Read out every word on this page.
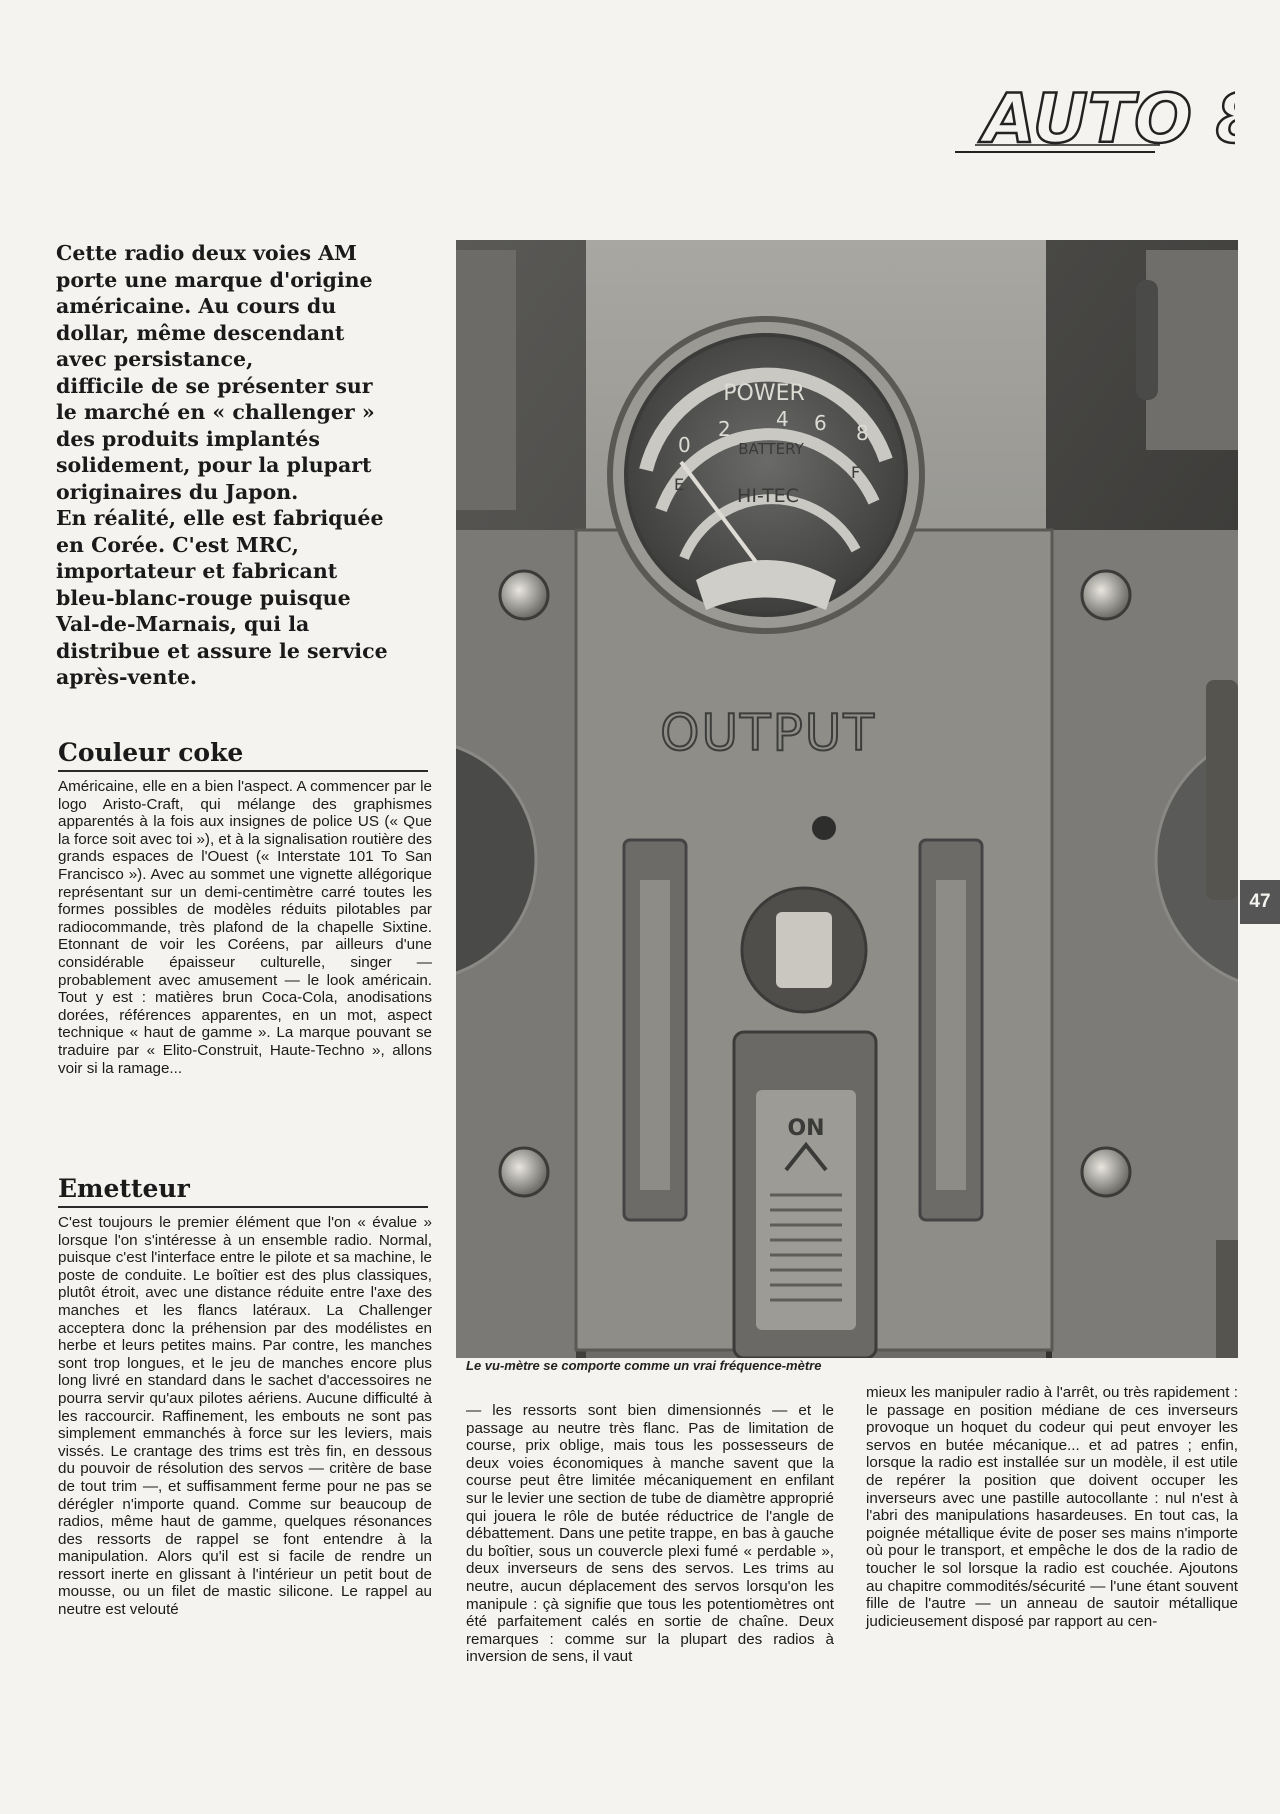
AUTO 8

Cette radio deux voies AM

porte une marque d'origine

américaine. Au cours du

dollar, même descendant

avec persistance,

difficile de se présenter sur

le marché en « challenger »

des produits implantés

solidement, pour la plupart

originaires du Japon.

En réalité, elle est fabriquée

en Corée. C'est MRC,

importateur et fabricant

bleu-blanc-rouge puisque

Val-de-Marnais, qui la

distribue et assure le service

après-vente.

Couleur coke

Américaine, elle en a bien l'aspect. A commencer par le logo Aristo-Craft, qui mélange des graphismes apparentés à la fois aux insignes de police US (« Que la force soit avec toi »), et à la signalisation routière des grands espaces de l'Ouest (« Interstate 101 To San Francisco »). Avec au sommet une vignette allégorique représentant sur un demi-centimètre carré toutes les formes possibles de modèles réduits pilotables par radiocommande, très plafond de la chapelle Sixtine. Etonnant de voir les Coréens, par ailleurs d'une considérable épaisseur culturelle, singer — probablement avec amusement — le look américain. Tout y est : matières brun Coca-Cola, anodisations dorées, références apparentes, en un mot, aspect technique « haut de gamme ». La marque pouvant se traduire par « Elito-Construit, Haute-Techno », allons voir si la ramage...

Emetteur

C'est toujours le premier élément que l'on « évalue » lorsque l'on s'intéresse à un ensemble radio. Normal, puisque c'est l'interface entre le pilote et sa machine, le poste de conduite. Le boîtier est des plus classiques, plutôt étroit, avec une distance réduite entre l'axe des manches et les flancs latéraux. La Challenger acceptera donc la préhension par des modélistes en herbe et leurs petites mains. Par contre, les manches sont trop longues, et le jeu de manches encore plus long livré en standard dans le sachet d'accessoires ne pourra servir qu'aux pilotes aériens. Aucune difficulté à les raccourcir. Raffinement, les embouts ne sont pas simplement emmanchés à force sur les leviers, mais vissés. Le crantage des trims est très fin, en dessous du pouvoir de résolution des servos — critère de base de tout trim —, et suffisamment ferme pour ne pas se dérégler n'importe quand. Comme sur beaucoup de radios, même haut de gamme, quelques résonances des ressorts de rappel se font entendre à la manipulation. Alors qu'il est si facile de rendre un ressort inerte en glissant à l'intérieur un petit bout de mousse, ou un filet de mastic silicone. Le rappel au neutre est velouté

POWER
0
2 4 6 8
BATTERY
E
F
HI-TEC
OUTPUT
ON
Le vu-mètre se comporte comme un vrai fréquence-mètre
47

— les ressorts sont bien dimensionnés — et le passage au neutre très flanc. Pas de limitation de course, prix oblige, mais tous les possesseurs de deux voies économiques à manche savent que la course peut être limitée mécaniquement en enfilant sur le levier une section de tube de diamètre approprié qui jouera le rôle de butée réductrice de l'angle de débattement. Dans une petite trappe, en bas à gauche du boîtier, sous un couvercle plexi fumé « perdable », deux inverseurs de sens des servos. Les trims au neutre, aucun déplacement des servos lorsqu'on les manipule : çà signifie que tous les potentiomètres ont été parfaitement calés en sortie de chaîne. Deux remarques : comme sur la plupart des radios à inversion de sens, il vaut

mieux les manipuler radio à l'arrêt, ou très rapidement : le passage en position médiane de ces inverseurs provoque un hoquet du codeur qui peut envoyer les servos en butée mécanique... et ad patres ; enfin, lorsque la radio est installée sur un modèle, il est utile de repérer la position que doivent occuper les inverseurs avec une pastille autocollante : nul n'est à l'abri des manipulations hasardeuses. En tout cas, la poignée métallique évite de poser ses mains n'importe où pour le transport, et empêche le dos de la radio de toucher le sol lorsque la radio est couchée. Ajoutons au chapitre commodités/sécurité — l'une étant souvent fille de l'autre — un anneau de sautoir métallique judicieusement disposé par rapport au cen-
